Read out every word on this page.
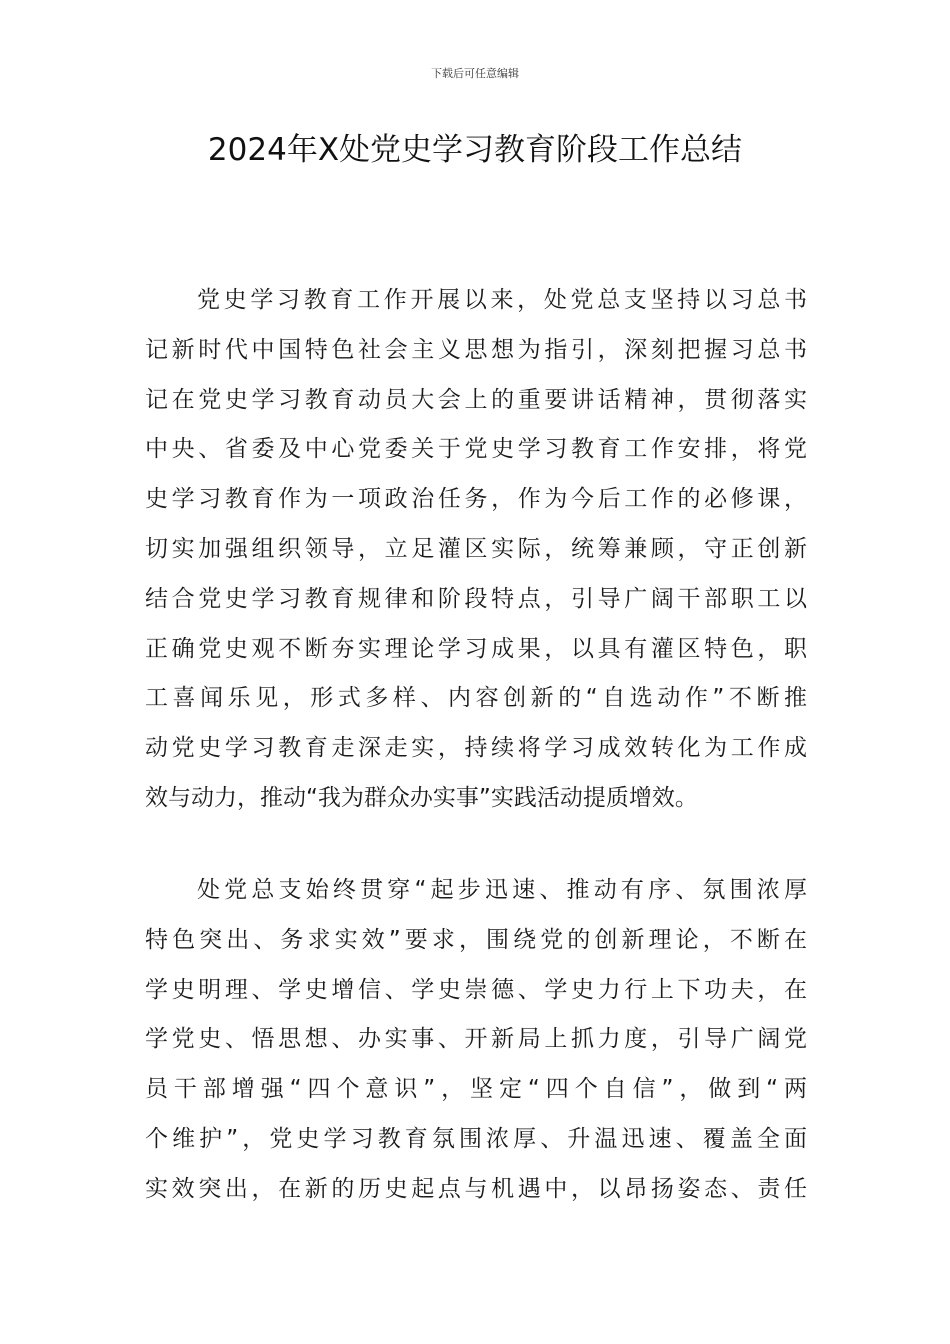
下载后可任意编辑
2024年X处党史学习教育阶段工作总结
党史学习教育工作开展以来，处党总支坚持以习总书
记新时代中国特色社会主义思想为指引，深刻把握习总书
记在党史学习教育动员大会上的重要讲话精神，贯彻落实
中央、省委及中心党委关于党史学习教育工作安排，将党
史学习教育作为一项政治任务，作为今后工作的必修课，
切实加强组织领导，立足灌区实际，统筹兼顾，守正创新
结合党史学习教育规律和阶段特点，引导广阔干部职工以
正确党史观不断夯实理论学习成果，以具有灌区特色，职
工喜闻乐见，形式多样、内容创新的“自选动作”不断推
动党史学习教育走深走实，持续将学习成效转化为工作成
效与动力，推动“我为群众办实事”实践活动提质增效。
处党总支始终贯穿“起步迅速、推动有序、氛围浓厚
特色突出、务求实效”要求，围绕党的创新理论，不断在
学史明理、学史增信、学史崇德、学史力行上下功夫，在
学党史、悟思想、办实事、开新局上抓力度，引导广阔党
员干部增强“四个意识”，坚定“四个自信”，做到“两
个维护”，党史学习教育氛围浓厚、升温迅速、覆盖全面
实效突出，在新的历史起点与机遇中，以昂扬姿态、责任
